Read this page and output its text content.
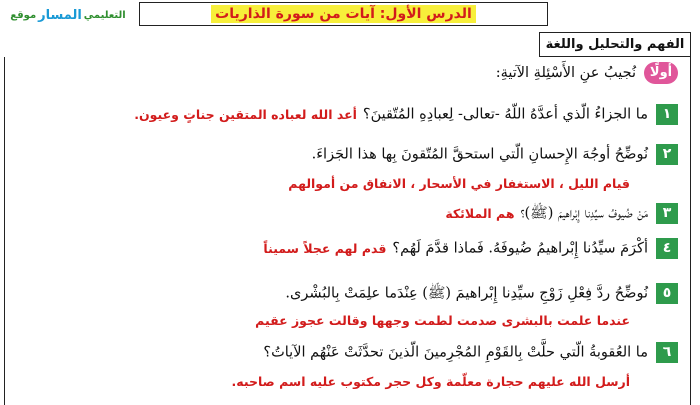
موقع المسار التعليمي	الدرس الأول: آيات من سورة الذاريات
الفهم والتحليل واللغة
أولًانُجيبُ عنِ الأَسْئِلةِ الآتيةِ:
١ما الجزاءُ الّذي أعدَّهُ اللّهُ -تعالى- لِعبادِهِ المُتّقينَ؟أعد الله لعباده المتقين جناتٍ وعيون.
٢نُوضِّحُ أوجُهَ الإِحسانِ الّتي استحقَّ المُتّقونَ بِها هذا الجَزاءَ.
قيام الليل ، الاستغفار في الأسحار ، الانفاق من أموالهم
٣مَنْ ضُيوفُ سيِّدِنا إِبْراهيمَ (ﷺ)؟هم الملائكة
٤أكْرَمَ سيِّدُنا إِبْراهيمُ ضُيوفَهُ. فَماذا قدَّمَ لَهُم؟قدم لهم عجلاً سميناً
٥نُوضِّحُ ردَّ فِعْلِ زَوْجِ سيِّدِنا إِبْراهيمَ (ﷺ) عِنْدَما علِمَتْ بِالبُشْرى.
عندما علمت بالبشرى صدمت لطمت وجهها وقالت عجوز عقيم
٦ما العُقوبةُ الّتي حلَّتْ بِالقَوْمِ المُجْرِمينَ الّذينَ تحدَّثَتْ عَنْهُم الآياتُ؟
أرسل الله عليهم حجارة معلّمة وكل حجر مكتوب عليه اسم صاحبه.
